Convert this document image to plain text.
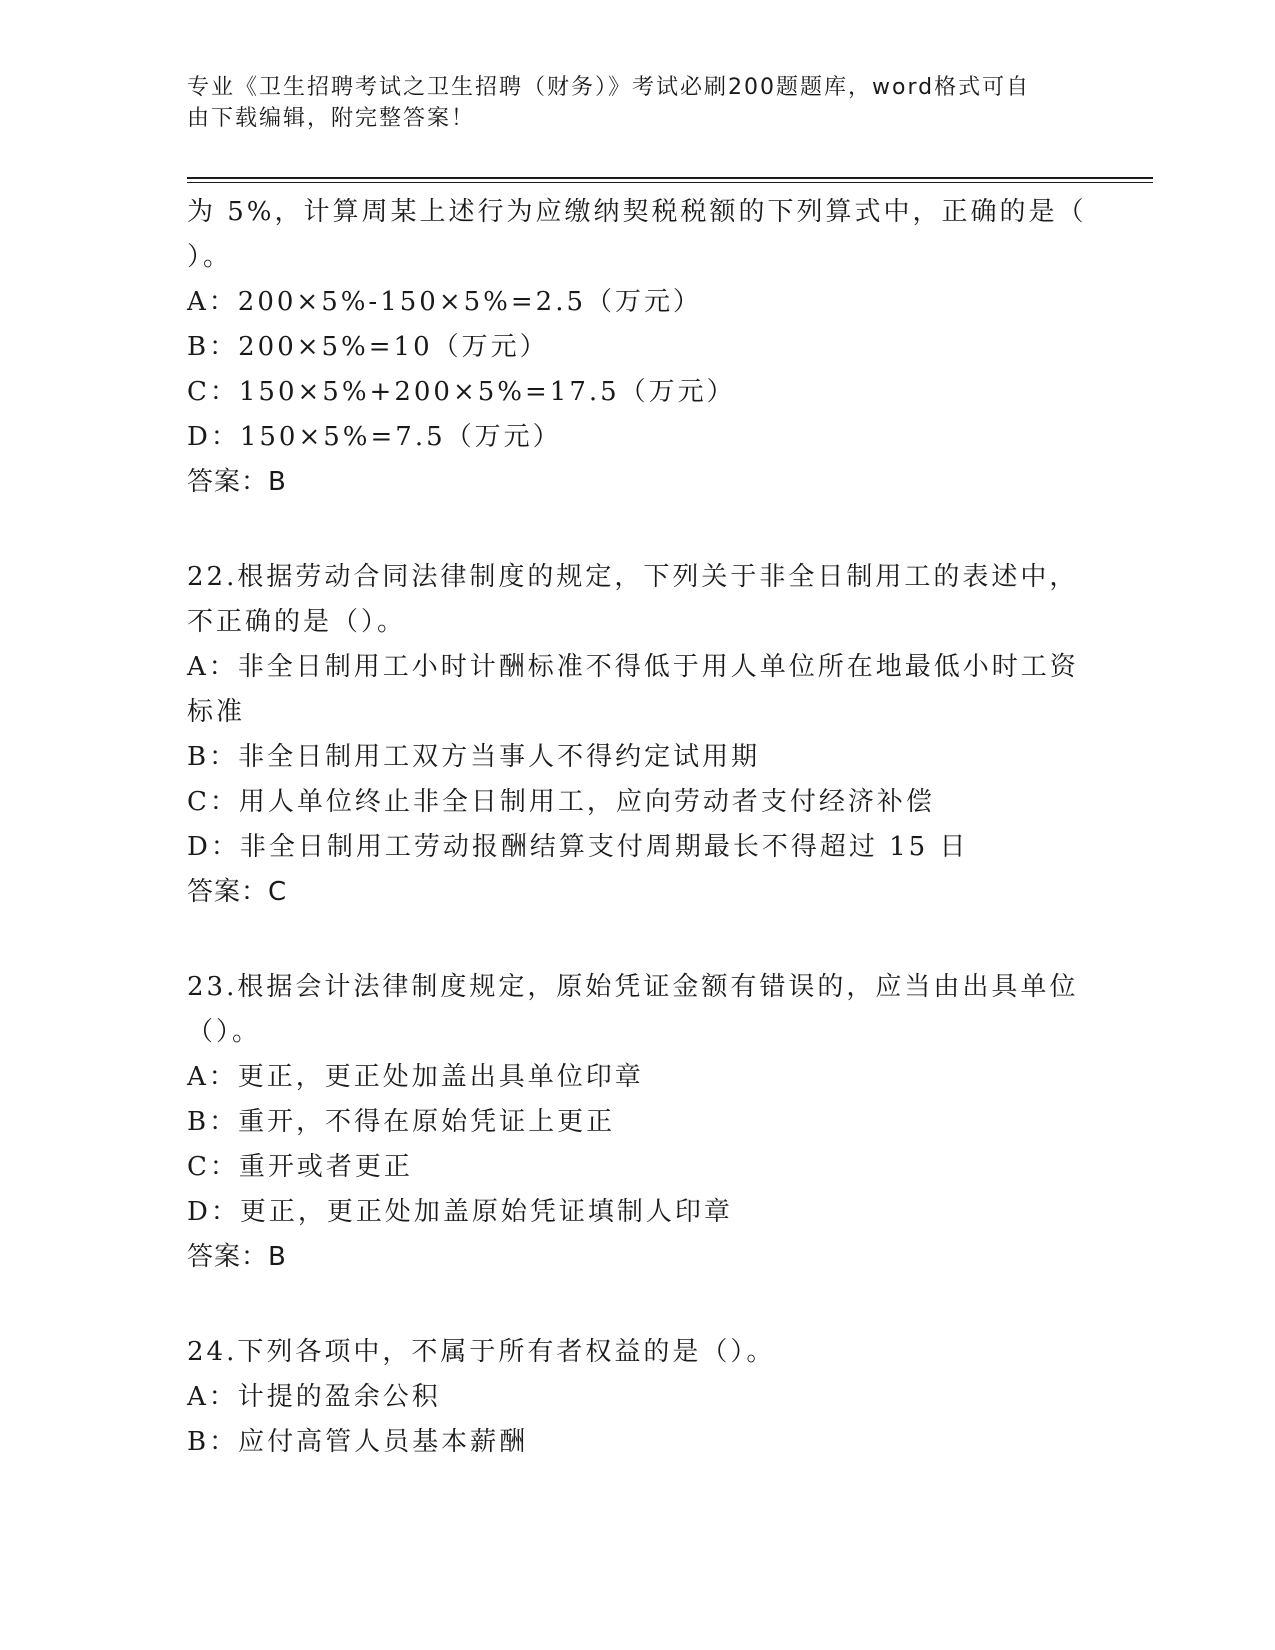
专业《卫生招聘考试之卫生招聘（财务）》考试必刷200题题库，word格式可自
由下载编辑，附完整答案！
为 5%，计算周某上述行为应缴纳契税税额的下列算式中，正确的是（
）。
A：200×5%-150×5%=2.5（万元）
B：200×5%=10（万元）
C：150×5%+200×5%=17.5（万元）
D：150×5%=7.5（万元）
答案：B
22.根据劳动合同法律制度的规定，下列关于非全日制用工的表述中，
不正确的是（）。
A：非全日制用工小时计酬标准不得低于用人单位所在地最低小时工资
标准
B：非全日制用工双方当事人不得约定试用期
C：用人单位终止非全日制用工，应向劳动者支付经济补偿
D：非全日制用工劳动报酬结算支付周期最长不得超过 15 日
答案：C
23.根据会计法律制度规定，原始凭证金额有错误的，应当由出具单位
（）。
A：更正，更正处加盖出具单位印章
B：重开，不得在原始凭证上更正
C：重开或者更正
D：更正，更正处加盖原始凭证填制人印章
答案：B
24.下列各项中，不属于所有者权益的是（）。
A：计提的盈余公积
B：应付高管人员基本薪酬
